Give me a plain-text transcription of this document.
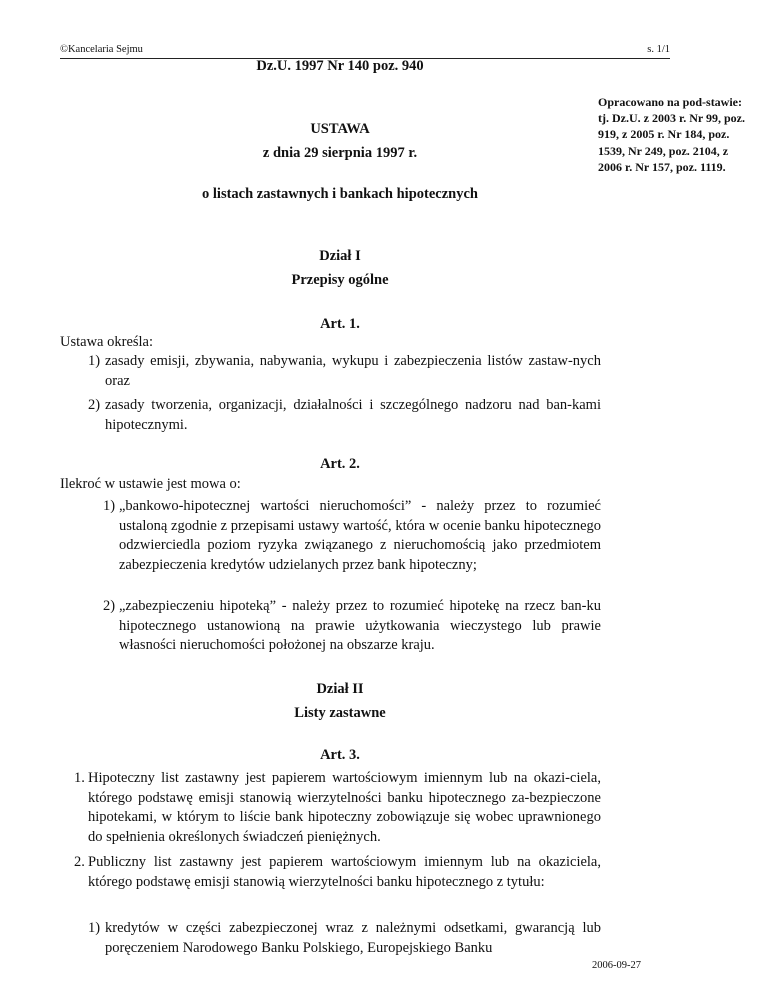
©Kancelaria Sejmu	s. 1/1
Dz.U. 1997 Nr 140 poz. 940
Opracowano na pod-stawie: tj. Dz.U. z 2003 r. Nr 99, poz. 919, z 2005 r. Nr 184, poz. 1539, Nr 249, poz. 2104, z 2006 r. Nr 157, poz. 1119.
USTAWA
z dnia 29 sierpnia 1997 r.
o listach zastawnych i bankach hipotecznych
Dział I
Przepisy ogólne
Art. 1.
Ustawa określa:
1) zasady emisji, zbywania, nabywania, wykupu i zabezpieczenia listów zastaw-nych oraz
2) zasady tworzenia, organizacji, działalności i szczególnego nadzoru nad ban-kami hipotecznymi.
Art. 2.
Ilekroć w ustawie jest mowa o:
1) „bankowo-hipotecznej wartości nieruchomości” - należy przez to rozumieć ustaloną zgodnie z przepisami ustawy wartość, która w ocenie banku hipotecznego odzwierciedla poziom ryzyka związanego z nieruchomością jako przedmiotem zabezpieczenia kredytów udzielanych przez bank hipoteczny;
2) „zabezpieczeniu hipoteką” - należy przez to rozumieć hipotekę na rzecz ban-ku hipotecznego ustanowioną na prawie użytkowania wieczystego lub prawie własności nieruchomości położonej na obszarze kraju.
Dział II
Listy zastawne
Art. 3.
1. Hipoteczny list zastawny jest papierem wartościowym imiennym lub na okazi-ciela, którego podstawę emisji stanowią wierzytelności banku hipotecznego za-bezpieczone hipotekami, w którym to liście bank hipoteczny zobowiązuje się wobec uprawnionego do spełnienia określonych świadczeń pieniężnych.
2. Publiczny list zastawny jest papierem wartościowym imiennym lub na okaziciela, którego podstawę emisji stanowią wierzytelności banku hipotecznego z tytułu:
1) kredytów w części zabezpieczonej wraz z należnymi odsetkami, gwarancją lub poręczeniem Narodowego Banku Polskiego, Europejskiego Banku
2006-09-27
